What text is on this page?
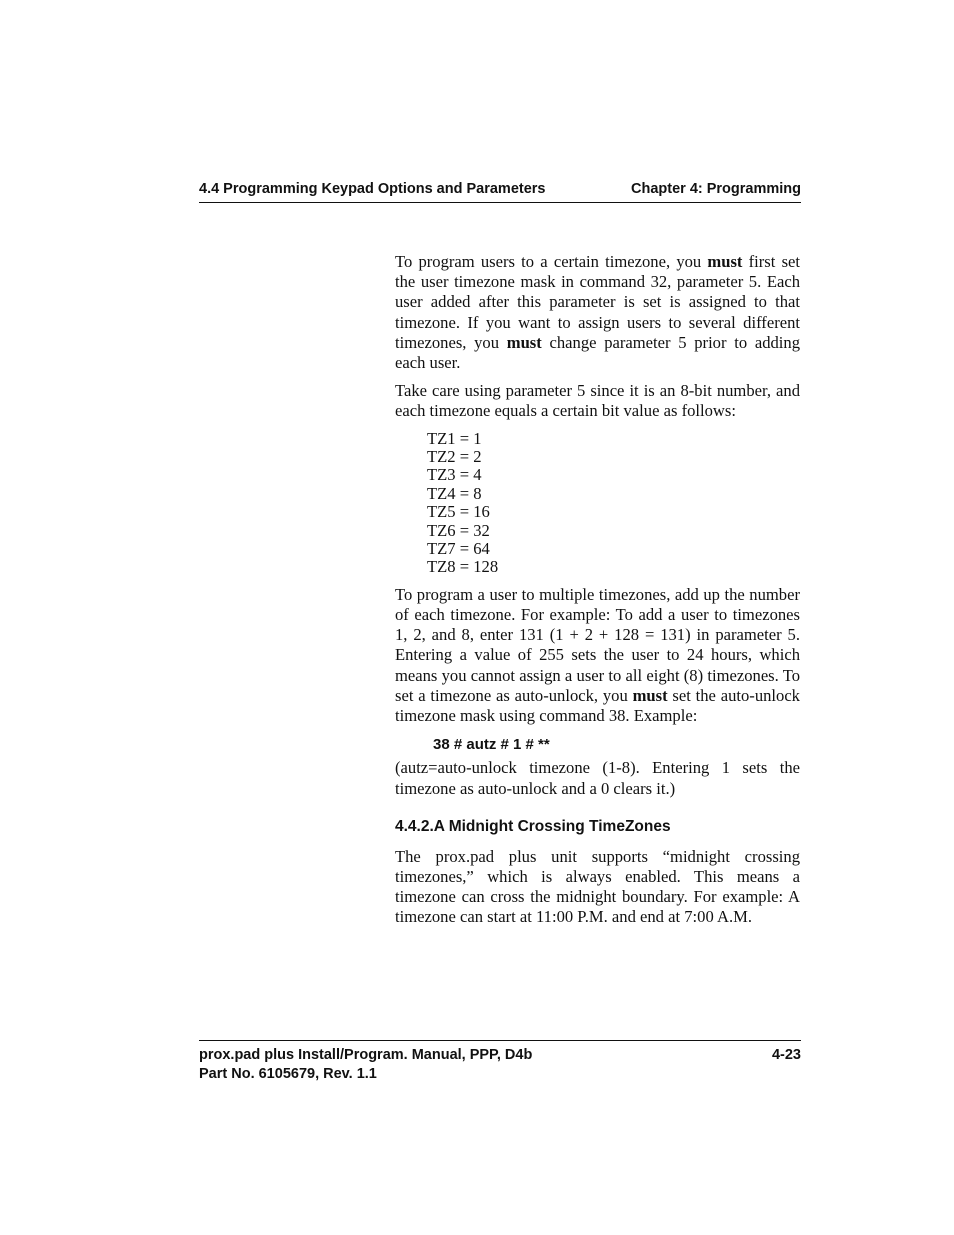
4.4 Programming Keypad Options and Parameters	Chapter 4: Programming

To program users to a certain timezone, you must first set the user timezone mask in command 32, parameter 5. Each user added after this parameter is set is assigned to that timezone. If you want to assign users to several different timezones, you must change parameter 5 prior to adding each user.

Take care using parameter 5 since it is an 8-bit number, and each timezone equals a certain bit value as follows:

TZ1 = 1
TZ2 = 2
TZ3 = 4
TZ4 = 8
TZ5 = 16
TZ6 = 32
TZ7 = 64
TZ8 = 128

To program a user to multiple timezones, add up the number of each timezone. For example: To add a user to timezones 1, 2, and 8, enter 131 (1 + 2 + 128 = 131) in parameter 5. Entering a value of 255 sets the user to 24 hours, which means you cannot assign a user to all eight (8) timezones. To set a timezone as auto-unlock, you must set the auto-unlock timezone mask using command 38. Example:

38 # autz # 1 # **

(autz=auto-unlock timezone (1-8). Entering 1 sets the timezone as auto-unlock and a 0 clears it.)

4.4.2.A Midnight Crossing TimeZones

The prox.pad plus unit supports “midnight crossing timezones,” which is always enabled. This means a timezone can cross the midnight boundary. For example: A timezone can start at 11:00 P.M. and end at 7:00 A.M.

prox.pad plus Install/Program. Manual, PPP, D4b
Part No. 6105679, Rev. 1.1
4-23
